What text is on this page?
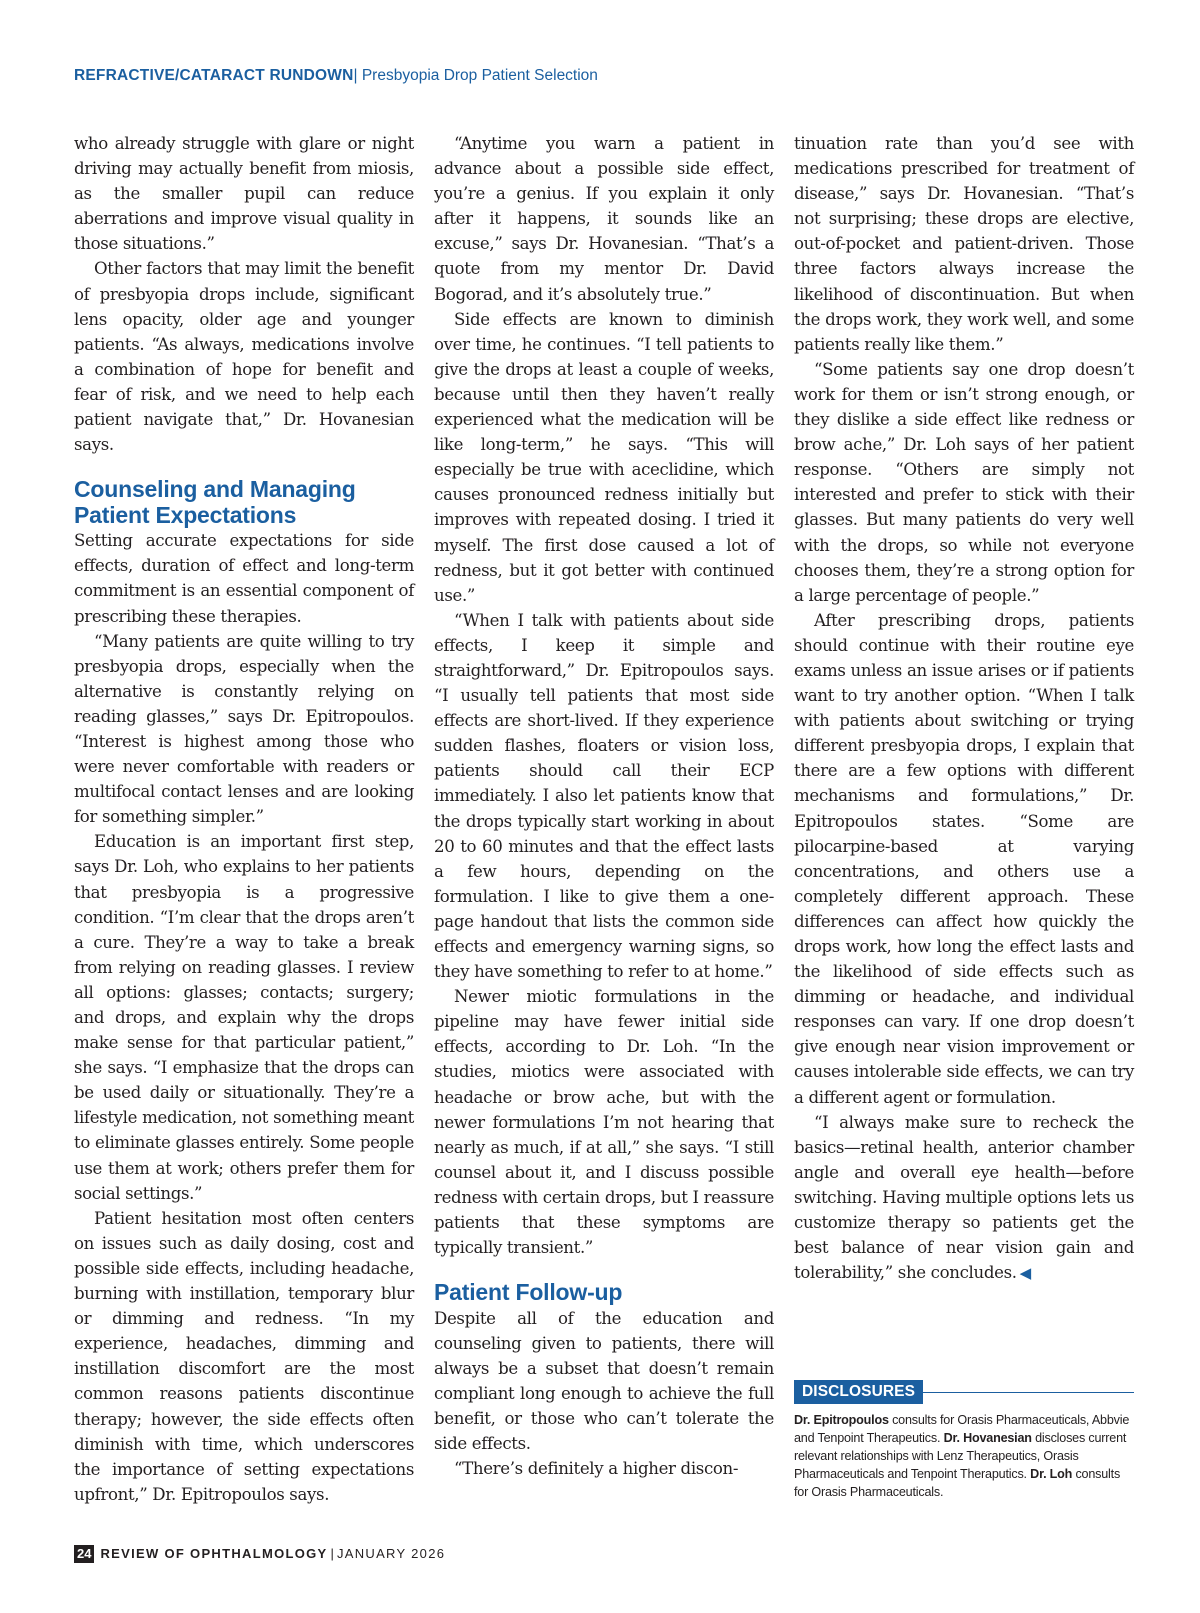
REFRACTIVE/CATARACT RUNDOWN| Presbyopia Drop Patient Selection

who already struggle with glare or night driving may actually benefit from miosis, as the smaller pupil can reduce aberrations and improve visual quality in those situations.”

Other factors that may limit the benefit of presbyopia drops include, significant lens opacity, older age and younger patients. “As always, medications involve a combination of hope for benefit and fear of risk, and we need to help each patient navigate that,” Dr. Hovanesian says.

Counseling and Managing Patient Expectations

Setting accurate expectations for side effects, duration of effect and long-term commitment is an essential component of prescribing these therapies.

“Many patients are quite willing to try presbyopia drops, especially when the alternative is constantly relying on reading glasses,” says Dr. Epitropoulos. “Interest is highest among those who were never comfortable with readers or multifocal contact lenses and are looking for something simpler.”

Education is an important first step, says Dr. Loh, who explains to her patients that presbyopia is a progressive condition. “I’m clear that the drops aren’t a cure. They’re a way to take a break from relying on reading glasses. I review all options: glasses; contacts; surgery; and drops, and explain why the drops make sense for that particular patient,” she says. “I emphasize that the drops can be used daily or situationally. They’re a lifestyle medication, not something meant to eliminate glasses entirely. Some people use them at work; others prefer them for social settings.”

Patient hesitation most often centers on issues such as daily dosing, cost and possible side effects, including headache, burning with instillation, temporary blur or dimming and redness. “In my experience, headaches, dimming and instillation discomfort are the most common reasons patients discontinue therapy; however, the side effects often diminish with time, which underscores the importance of setting expectations upfront,” Dr. Epitropoulos says.

“Anytime you warn a patient in advance about a possible side effect, you’re a genius. If you explain it only after it happens, it sounds like an excuse,” says Dr. Hovanesian. “That’s a quote from my mentor Dr. David Bogorad, and it’s absolutely true.”

Side effects are known to diminish over time, he continues. “I tell patients to give the drops at least a couple of weeks, because until then they haven’t really experienced what the medication will be like long-term,” he says. “This will especially be true with aceclidine, which causes pronounced redness initially but improves with repeated dosing. I tried it myself. The first dose caused a lot of redness, but it got better with continued use.”

“When I talk with patients about side effects, I keep it simple and straightforward,” Dr. Epitropoulos says. “I usually tell patients that most side effects are short-lived. If they experience sudden flashes, floaters or vision loss, patients should call their ECP immediately. I also let patients know that the drops typically start working in about 20 to 60 minutes and that the effect lasts a few hours, depending on the formulation. I like to give them a one-page handout that lists the common side effects and emergency warning signs, so they have something to refer to at home.”

Newer miotic formulations in the pipeline may have fewer initial side effects, according to Dr. Loh. “In the studies, miotics were associated with headache or brow ache, but with the newer formulations I’m not hearing that nearly as much, if at all,” she says. “I still counsel about it, and I discuss possible redness with certain drops, but I reassure patients that these symptoms are typically transient.”

Patient Follow-up

Despite all of the education and counseling given to patients, there will always be a subset that doesn’t remain compliant long enough to achieve the full benefit, or those who can’t tolerate the side effects.

“There’s definitely a higher discon-

tinuation rate than you’d see with medications prescribed for treatment of disease,” says Dr. Hovanesian. “That’s not surprising; these drops are elective, out-of-pocket and patient-driven. Those three factors always increase the likelihood of discontinuation. But when the drops work, they work well, and some patients really like them.”

“Some patients say one drop doesn’t work for them or isn’t strong enough, or they dislike a side effect like redness or brow ache,” Dr. Loh says of her patient response. “Others are simply not interested and prefer to stick with their glasses. But many patients do very well with the drops, so while not everyone chooses them, they’re a strong option for a large percentage of people.”

After prescribing drops, patients should continue with their routine eye exams unless an issue arises or if patients want to try another option. “When I talk with patients about switching or trying different presbyopia drops, I explain that there are a few options with different mechanisms and formulations,” Dr. Epitropoulos states. “Some are pilocarpine-based at varying concentrations, and others use a completely different approach. These differences can affect how quickly the drops work, how long the effect lasts and the likelihood of side effects such as dimming or headache, and individual responses can vary. If one drop doesn’t give enough near vision improvement or causes intolerable side effects, we can try a different agent or formulation.

“I always make sure to recheck the basics—retinal health, anterior chamber angle and overall eye health—before switching. Having multiple options lets us customize therapy so patients get the best balance of near vision gain and tolerability,” she concludes. ◀

DISCLOSURES
Dr. Epitropoulos consults for Orasis Pharmaceuticals, Abbvie and Tenpoint Therapeutics. Dr. Hovanesian discloses current relevant relationships with Lenz Therapeutics, Orasis Pharmaceuticals and Tenpoint Theraputics. Dr. Loh consults for Orasis Pharmaceuticals.
24 REVIEW OF OPHTHALMOLOGY | JANUARY 2026
